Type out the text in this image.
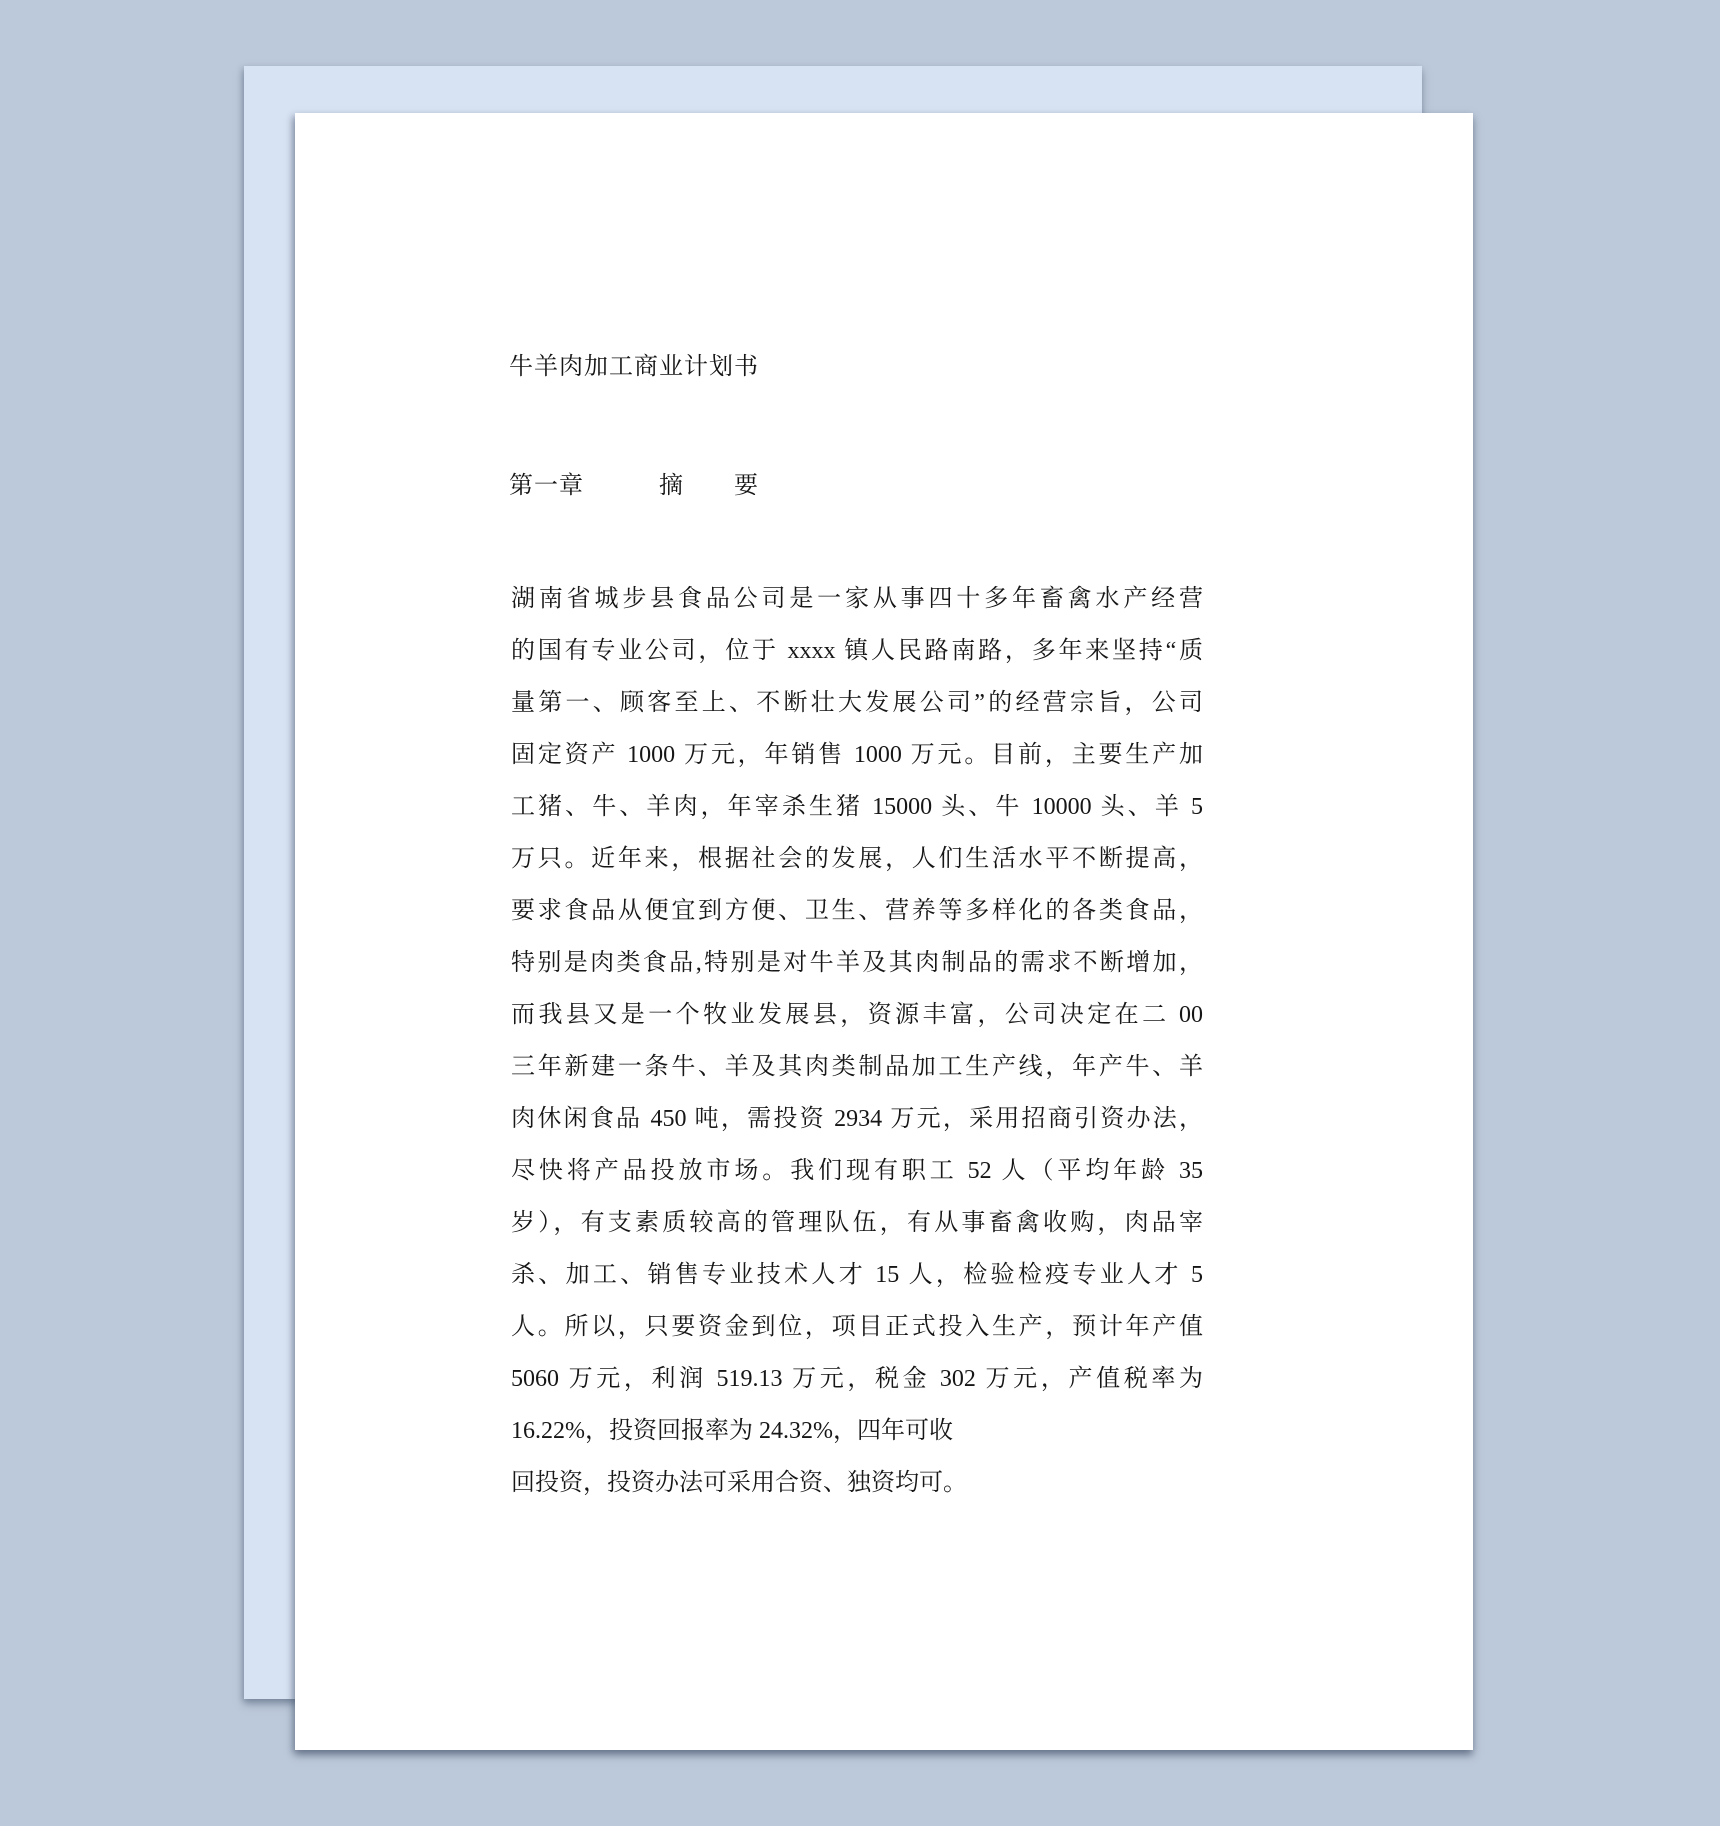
牛羊肉加工商业计划书
第一章　　　摘　　要
湖南省城步县食品公司是一家从事四十多年畜禽水产经营
的国有专业公司，位于 xxxx 镇人民路南路，多年来坚持“质
量第一、顾客至上、不断壮大发展公司”的经营宗旨，公司
固定资产 1000 万元，年销售 1000 万元。目前，主要生产加
工猪、牛、羊肉，年宰杀生猪 15000 头、牛 10000 头、羊 5
万只。近年来，根据社会的发展，人们生活水平不断提高，
要求食品从便宜到方便、卫生、营养等多样化的各类食品，
特别是肉类食品,特别是对牛羊及其肉制品的需求不断增加，
而我县又是一个牧业发展县，资源丰富，公司决定在二 00
三年新建一条牛、羊及其肉类制品加工生产线，年产牛、羊
肉休闲食品 450 吨，需投资 2934 万元，采用招商引资办法，
尽快将产品投放市场。我们现有职工 52 人（平均年龄 35
岁），有支素质较高的管理队伍，有从事畜禽收购，肉品宰
杀、加工、销售专业技术人才 15 人，检验检疫专业人才 5
人。所以，只要资金到位，项目正式投入生产，预计年产值
5060 万元，利润 519.13 万元，税金 302 万元，产值税率为
16.22%，投资回报率为 24.32%，四年可收
回投资，投资办法可采用合资、独资均可。
